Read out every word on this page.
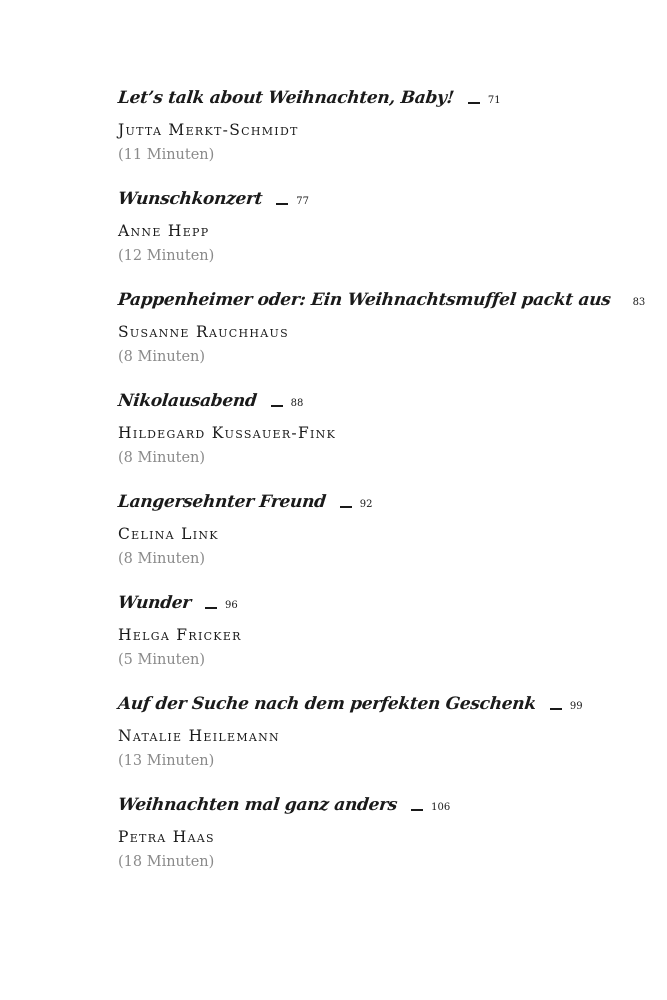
Let’s talk about Weihnachten, Baby!	71
Jutta Merkt-Schmidt
(11 Minuten)
Wunschkonzert	77
Anne Hepp
(12 Minuten)
Pappenheimer oder: Ein Weihnachtsmuffel packt aus 83
Susanne Rauchhaus
(8 Minuten)
Nikolausabend	88
Hildegard Kussauer-Fink
(8 Minuten)
Langersehnter Freund	92
Celina Link
(8 Minuten)
Wunder	96
Helga Fricker
(5 Minuten)
Auf der Suche nach dem perfekten Geschenk	99
Natalie Heilemann
(13 Minuten)
Weihnachten mal ganz anders	106
Petra Haas
(18 Minuten)
